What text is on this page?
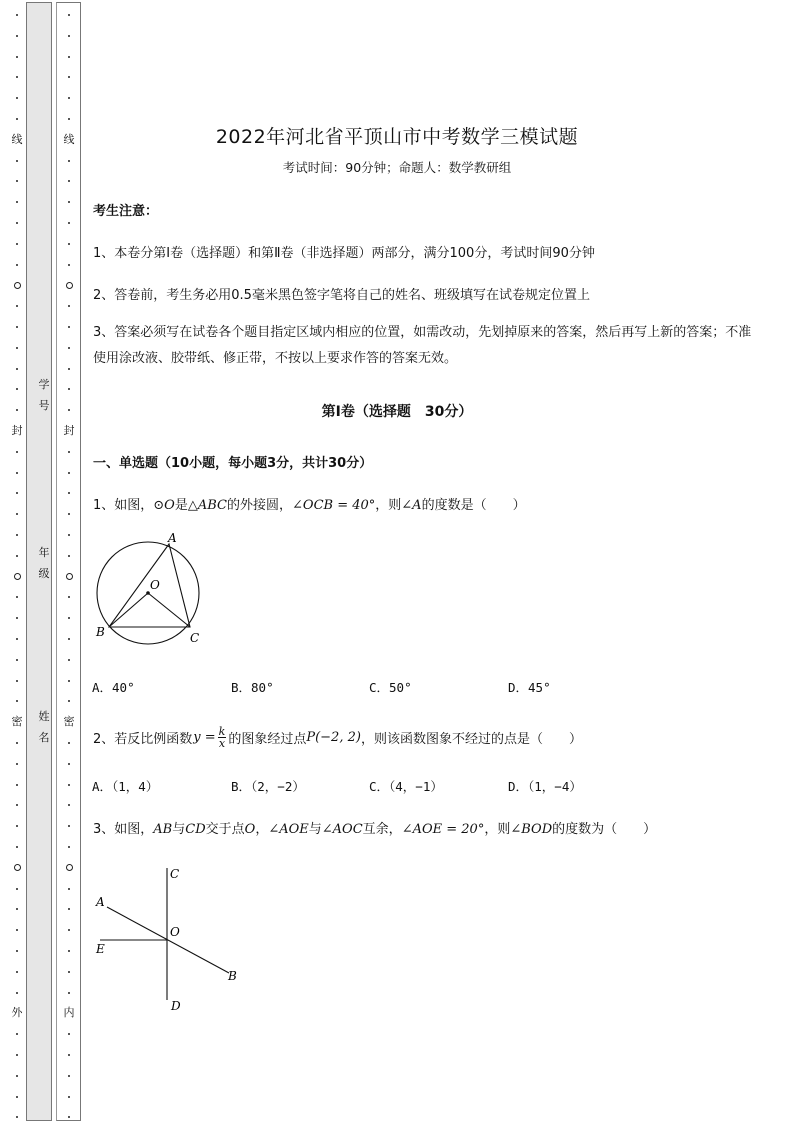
线
封
密
外
线
封
密
内
学号
年级
姓名
2022年河北省平顶山市中考数学三模试题
考试时间：90分钟；命题人：数学教研组
考生注意：
1、本卷分第I卷（选择题）和第Ⅱ卷（非选择题）两部分，满分100分，考试时间90分钟
2、答卷前，考生务必用0.5毫米黑色签字笔将自己的姓名、班级填写在试卷规定位置上
3、答案必须写在试卷各个题目指定区域内相应的位置，如需改动，先划掉原来的答案，然后再写上新的答案；不准使用涂改液、胶带纸、修正带，不按以上要求作答的答案无效。
第I卷（选择题　30分）
一、单选题（10小题，每小题3分，共计30分）
1、如图，⊙O是△ABC的外接圆，∠OCB = 40°，则∠A的度数是（　　）
A
O
B	C
A．40°	B．80°	C．50°	D．45°
2、若反比例函数 $y = \frac{k}{x}$ 的图象经过点 P(−2, 2) ，则该函数图象不经过的点是（　　）
A．（1，4）	B．（2，−2）	C．（4，−1）	D．（1，−4）
3、如图，AB与CD交于点O，∠AOE与∠AOC互余，∠AOE = 20°，则∠BOD的度数为（　　）
C
A
O
E
B
D
